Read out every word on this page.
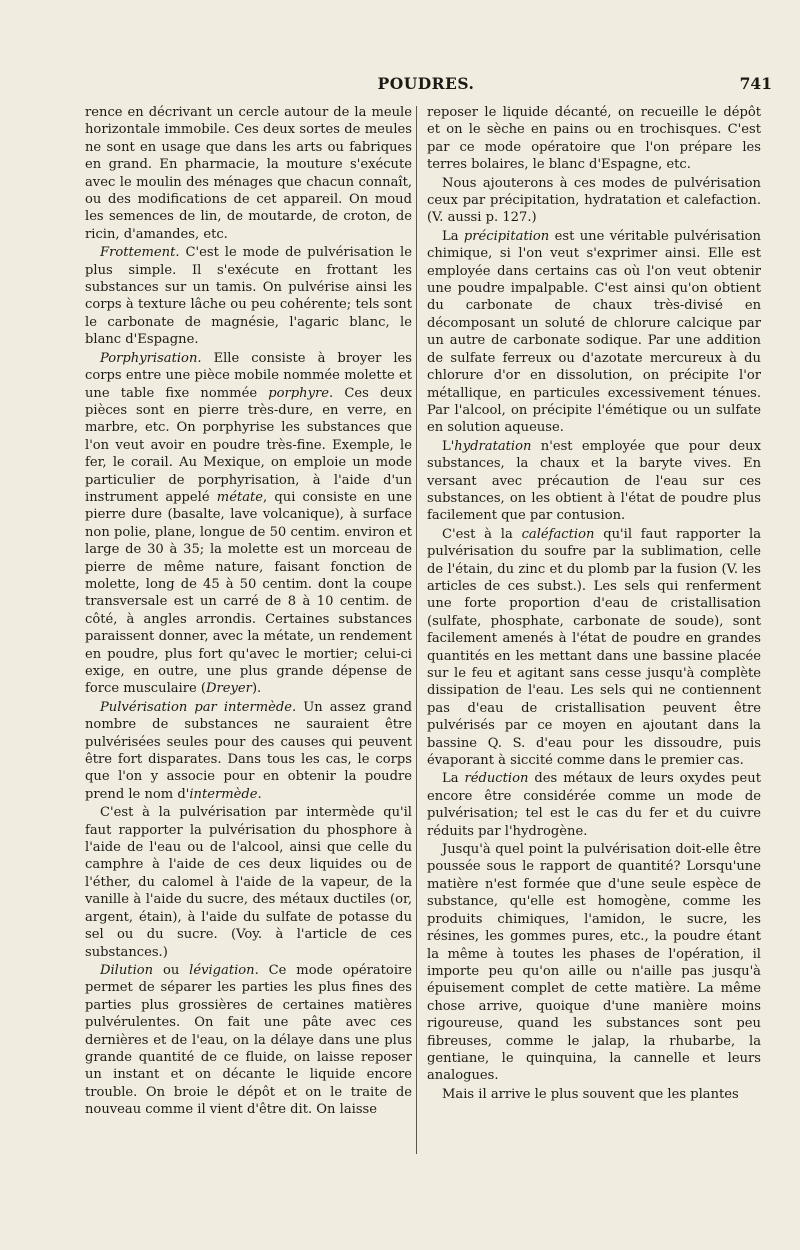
POUDRES.	741

rence en décrivant un cercle autour de la meule horizontale immobile. Ces deux sortes de meules ne sont en usage que dans les arts ou fabriques en grand. En pharmacie, la mouture s'exécute avec le moulin des ménages que chacun connaît, ou des modifications de cet appareil. On moud les semences de lin, de moutarde, de croton, de ricin, d'amandes, etc.

Frottement. C'est le mode de pulvérisation le plus simple. Il s'exécute en frottant les substances sur un tamis. On pulvérise ainsi les corps à texture lâche ou peu cohérente; tels sont le carbonate de magnésie, l'agaric blanc, le blanc d'Espagne.

Porphyrisation. Elle consiste à broyer les corps entre une pièce mobile nommée molette et une table fixe nommée porphyre. Ces deux pièces sont en pierre très-dure, en verre, en marbre, etc. On porphyrise les substances que l'on veut avoir en poudre très-fine. Exemple, le fer, le corail. Au Mexique, on emploie un mode particulier de porphyrisation, à l'aide d'un instrument appelé métate, qui consiste en une pierre dure (basalte, lave volcanique), à surface non polie, plane, longue de 50 centim. environ et large de 30 à 35; la molette est un morceau de pierre de même nature, faisant fonction de molette, long de 45 à 50 centim. dont la coupe transversale est un carré de 8 à 10 centim. de côté, à angles arrondis. Certaines substances paraissent donner, avec la métate, un rendement en poudre, plus fort qu'avec le mortier; celui-ci exige, en outre, une plus grande dépense de force musculaire (Dreyer).

Pulvérisation par intermède. Un assez grand nombre de substances ne sauraient être pulvérisées seules pour des causes qui peuvent être fort disparates. Dans tous les cas, le corps que l'on y associe pour en obtenir la poudre prend le nom d'intermède.

C'est à la pulvérisation par intermède qu'il faut rapporter la pulvérisation du phosphore à l'aide de l'eau ou de l'alcool, ainsi que celle du camphre à l'aide de ces deux liquides ou de l'éther, du calomel à l'aide de la vapeur, de la vanille à l'aide du sucre, des métaux ductiles (or, argent, étain), à l'aide du sulfate de potasse du sel ou du sucre. (Voy. à l'article de ces substances.)

Dilution ou lévigation. Ce mode opératoire permet de séparer les parties les plus fines des parties plus grossières de certaines matières pulvérulentes. On fait une pâte avec ces dernières et de l'eau, on la délaye dans une plus grande quantité de ce fluide, on laisse reposer un instant et on décante le liquide encore trouble. On broie le dépôt et on le traite de nouveau comme il vient d'être dit. On laisse

reposer le liquide décanté, on recueille le dépôt et on le sèche en pains ou en trochisques. C'est par ce mode opératoire que l'on prépare les terres bolaires, le blanc d'Espagne, etc.

Nous ajouterons à ces modes de pulvérisation ceux par précipitation, hydratation et calefaction. (V. aussi p. 127.)

La précipitation est une véritable pulvérisation chimique, si l'on veut s'exprimer ainsi. Elle est employée dans certains cas où l'on veut obtenir une poudre impalpable. C'est ainsi qu'on obtient du carbonate de chaux très-divisé en décomposant un soluté de chlorure calcique par un autre de carbonate sodique. Par une addition de sulfate ferreux ou d'azotate mercureux à du chlorure d'or en dissolution, on précipite l'or métallique, en particules excessivement ténues. Par l'alcool, on précipite l'émétique ou un sulfate en solution aqueuse.

L'hydratation n'est employée que pour deux substances, la chaux et la baryte vives. En versant avec précaution de l'eau sur ces substances, on les obtient à l'état de poudre plus facilement que par contusion.

C'est à la caléfaction qu'il faut rapporter la pulvérisation du soufre par la sublimation, celle de l'étain, du zinc et du plomb par la fusion (V. les articles de ces subst.). Les sels qui renferment une forte proportion d'eau de cristallisation (sulfate, phosphate, carbonate de soude), sont facilement amenés à l'état de poudre en grandes quantités en les mettant dans une bassine placée sur le feu et agitant sans cesse jusqu'à complète dissipation de l'eau. Les sels qui ne contiennent pas d'eau de cristallisation peuvent être pulvérisés par ce moyen en ajoutant dans la bassine Q. S. d'eau pour les dissoudre, puis évaporant à siccité comme dans le premier cas.

La réduction des métaux de leurs oxydes peut encore être considérée comme un mode de pulvérisation; tel est le cas du fer et du cuivre réduits par l'hydrogène.

Jusqu'à quel point la pulvérisation doit-elle être poussée sous le rapport de quantité? Lorsqu'une matière n'est formée que d'une seule espèce de substance, qu'elle est homogène, comme les produits chimiques, l'amidon, le sucre, les résines, les gommes pures, etc., la poudre étant la même à toutes les phases de l'opération, il importe peu qu'on aille ou n'aille pas jusqu'à épuisement complet de cette matière. La même chose arrive, quoique d'une manière moins rigoureuse, quand les substances sont peu fibreuses, comme le jalap, la rhubarbe, la gentiane, le quinquina, la cannelle et leurs analogues.

Mais il arrive le plus souvent que les plantes
